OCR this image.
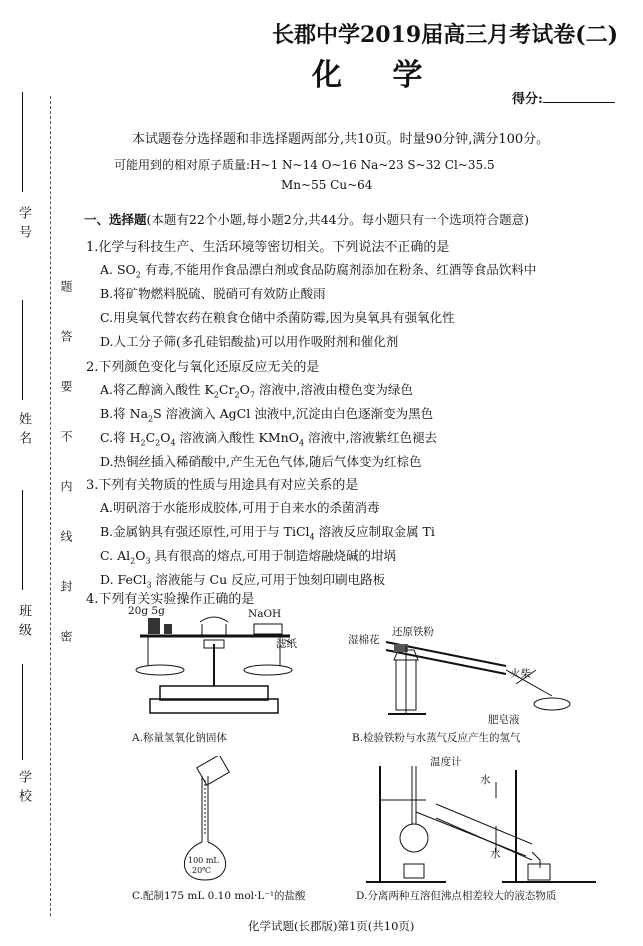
学号
姓名
班级
学校
题
答
要
不
内
线
封
密
长郡中学2019届高三月考试卷(二)
化 学
得分:
本试题卷分选择题和非选择题两部分,共10页。时量90分钟,满分100分。
可能用到的相对原子质量:H~1 N~14 O~16 Na~23 S~32 Cl~35.5
Mn~55 Cu~64
一、选择题(本题有22个小题,每小题2分,共44分。每小题只有一个选项符合题意)
1.化学与科技生产、生活环境等密切相关。下列说法不正确的是
A. $SO_2$ 有毒,不能用作食品漂白剂或食品防腐剂添加在粉条、红酒等食品饮料中
B.将矿物燃料脱硫、脱硝可有效防止酸雨
C.用臭氧代替农药在粮食仓储中杀菌防霉,因为臭氧具有强氧化性
D.人工分子筛(多孔硅铝酸盐)可以用作吸附剂和催化剂
2.下列颜色变化与氧化还原反应无关的是
A.将乙醇滴入酸性 $K_2Cr_2O_7$ 溶液中,溶液由橙色变为绿色
B.将 $Na_2S$ 溶液滴入 AgCl 浊液中,沉淀由白色逐渐变为黑色
C.将 $H_2C_2O_4$ 溶液滴入酸性 KMnO$_4$ 溶液中,溶液紫红色褪去
D.热铜丝插入稀硝酸中,产生无色气体,随后气体变为红棕色
3.下列有关物质的性质与用途具有对应关系的是
A.明矾溶于水能形成胶体,可用于自来水的杀菌消毒
B.金属钠具有强还原性,可用于与 TiCl$_4$ 溶液反应制取金属 Ti
C. $Al_2O_3$ 具有很高的熔点,可用于制造熔融烧碱的坩埚
D. FeCl$_3$ 溶液能与 Cu 反应,可用于蚀刻印刷电路板
4.下列有关实验操作正确的是
20g 5g	NaOH
滤纸
A.称量氢氧化钠固体
湿棉花
还原铁粉
火柴
肥皂液
B.检验铁粉与水蒸气反应产生的氢气
100 mL
20℃
C.配制175 mL 0.10 mol·L⁻¹的盐酸
温度计
水
水
D.分离两种互溶但沸点相差较大的液态物质
化学试题(长郡版)第1页(共10页)
